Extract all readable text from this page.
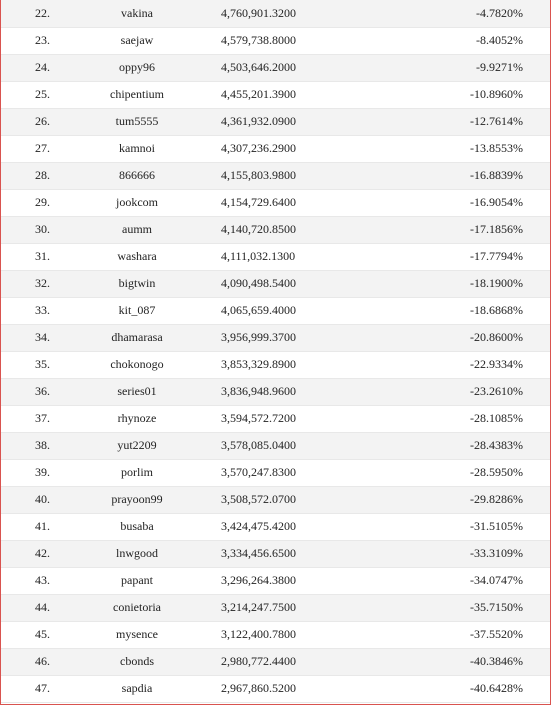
22.	vakina	4,760,901.3200	-4.7820%
23.	saejaw	4,579,738.8000	-8.4052%
24.	oppy96	4,503,646.2000	-9.9271%
25.	chipentium	4,455,201.3900	-10.8960%
26.	tum5555	4,361,932.0900	-12.7614%
27.	kamnoi	4,307,236.2900	-13.8553%
28.	866666	4,155,803.9800	-16.8839%
29.	jookcom	4,154,729.6400	-16.9054%
30.	aumm	4,140,720.8500	-17.1856%
31.	washara	4,111,032.1300	-17.7794%
32.	bigtwin	4,090,498.5400	-18.1900%
33.	kit_087	4,065,659.4000	-18.6868%
34.	dhamarasa	3,956,999.3700	-20.8600%
35.	chokonogo	3,853,329.8900	-22.9334%
36.	series01	3,836,948.9600	-23.2610%
37.	rhynoze	3,594,572.7200	-28.1085%
38.	yut2209	3,578,085.0400	-28.4383%
39.	porlim	3,570,247.8300	-28.5950%
40.	prayoon99	3,508,572.0700	-29.8286%
41.	busaba	3,424,475.4200	-31.5105%
42.	lnwgood	3,334,456.6500	-33.3109%
43.	papant	3,296,264.3800	-34.0747%
44.	conietoria	3,214,247.7500	-35.7150%
45.	mysence	3,122,400.7800	-37.5520%
46.	cbonds	2,980,772.4400	-40.3846%
47.	sapdia	2,967,860.5200	-40.6428%
